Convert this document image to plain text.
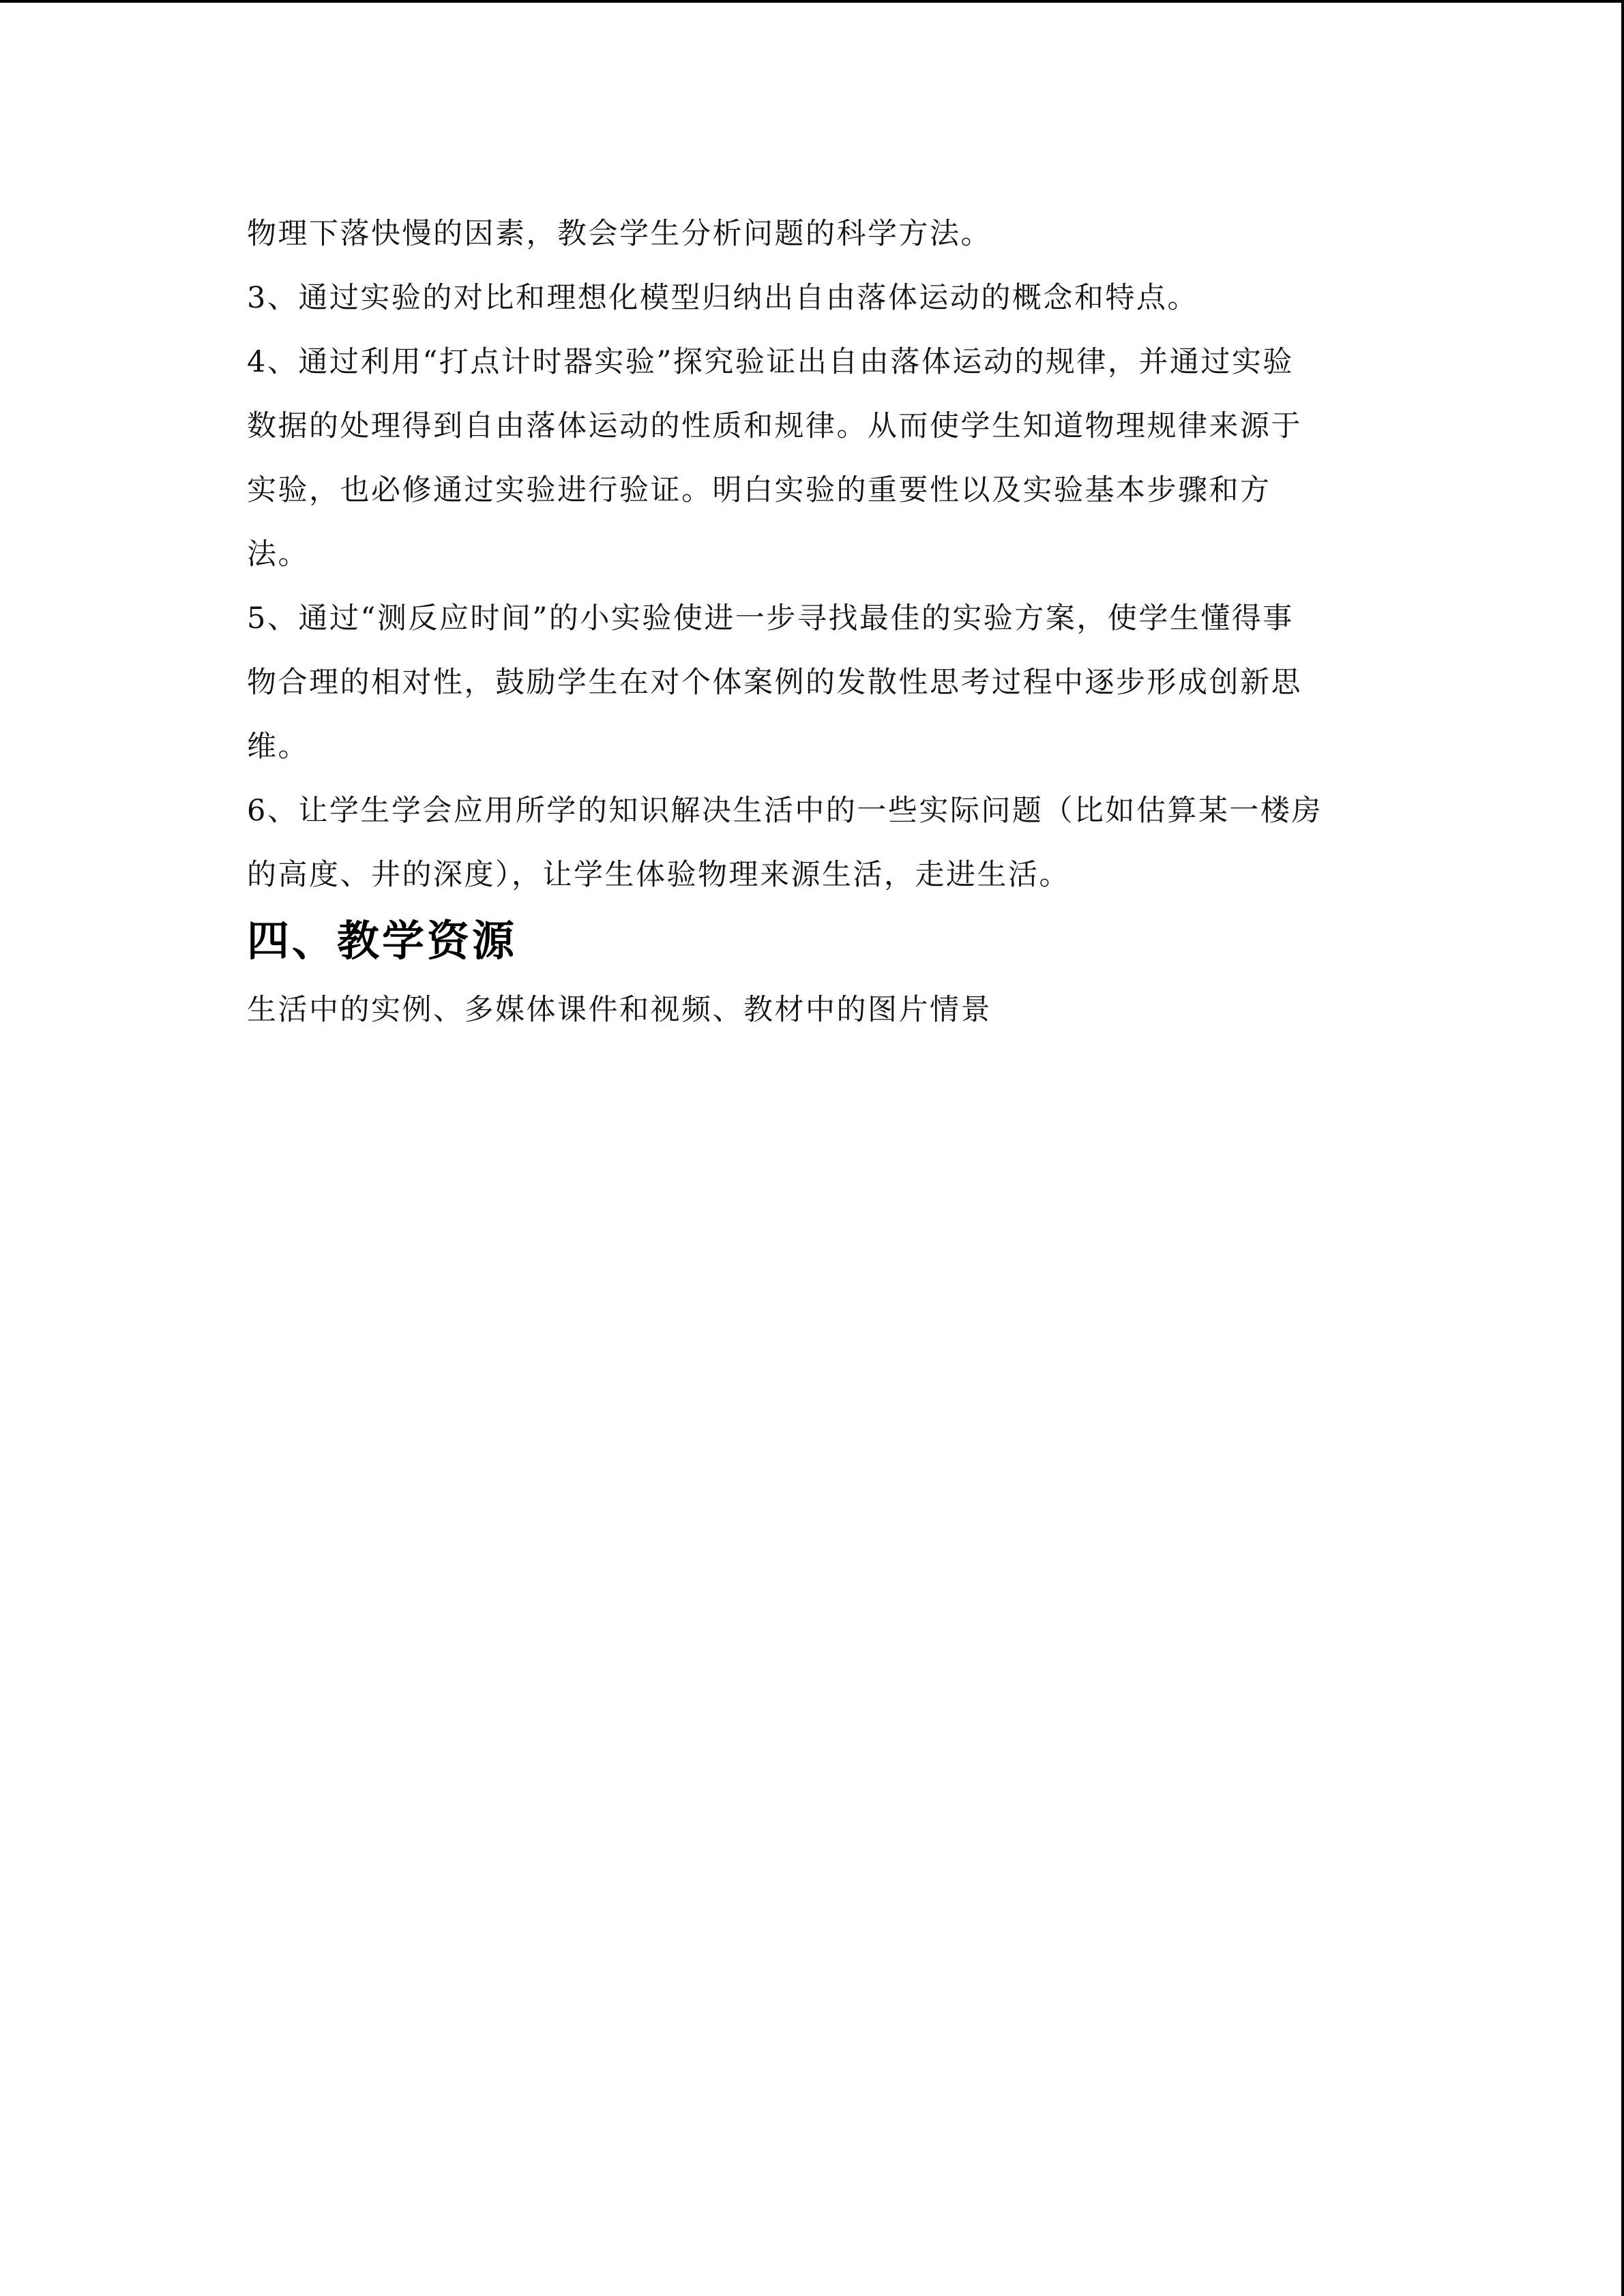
物理下落快慢的因素，教会学生分析问题的科学方法。
3、通过实验的对比和理想化模型归纳出自由落体运动的概念和特点。
4、通过利用“打点计时器实验”探究验证出自由落体运动的规律，并通过实验
数据的处理得到自由落体运动的性质和规律。从而使学生知道物理规律来源于
实验，也必修通过实验进行验证。明白实验的重要性以及实验基本步骤和方
法。
5、通过“测反应时间”的小实验使进一步寻找最佳的实验方案，使学生懂得事
物合理的相对性，鼓励学生在对个体案例的发散性思考过程中逐步形成创新思
维。
6、让学生学会应用所学的知识解决生活中的一些实际问题（比如估算某一楼房
的高度、井的深度），让学生体验物理来源生活，走进生活。
四、教学资源
生活中的实例、多媒体课件和视频、教材中的图片情景
